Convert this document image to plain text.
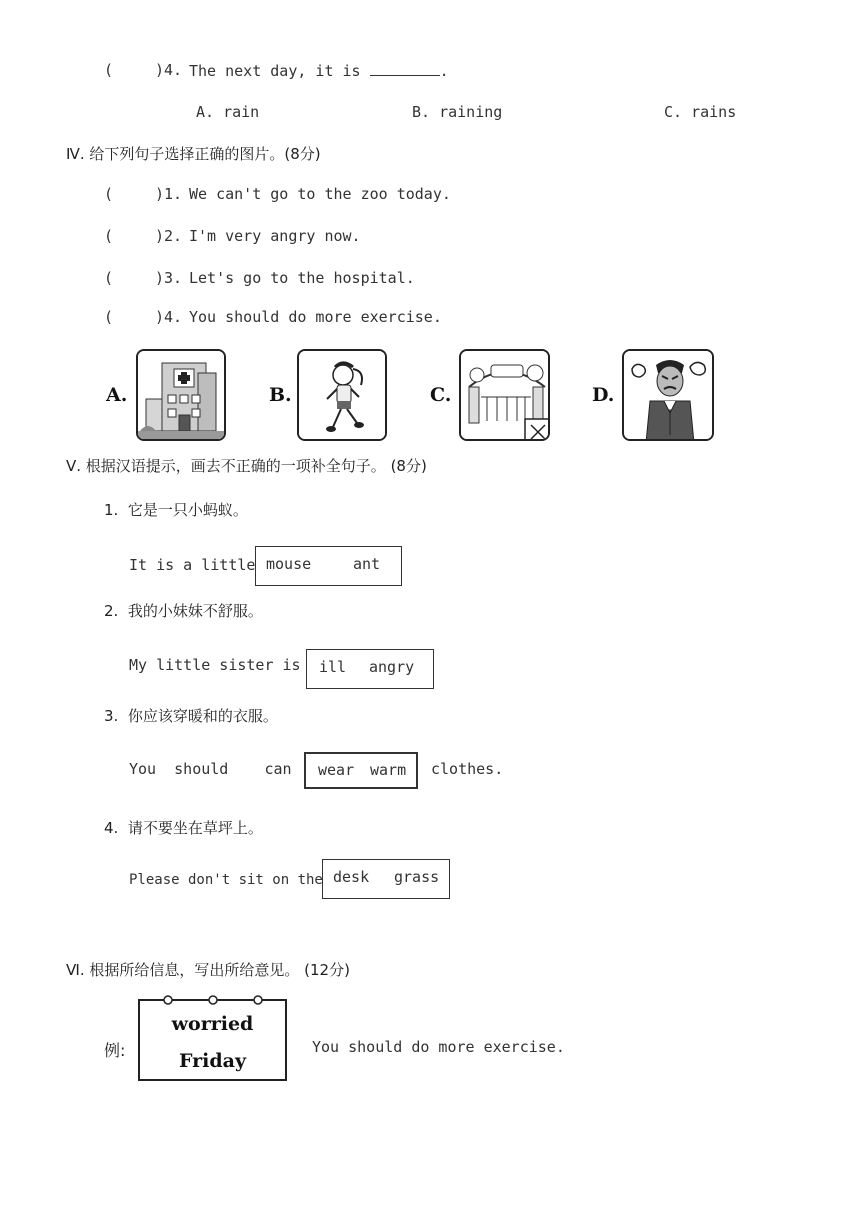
(	)4. The next day, it is	.
A. rain	B. raining	C. rains
Ⅳ. 给下列句子选择正确的图片。(8分)
(	)1. We can't go to the zoo today.
(	)2. I'm very angry now.
(	)3. Let's go to the hospital.
(	)4. You should do more exercise.
A.	B.	C.	D.
Ⅴ. 根据汉语提示，画去不正确的一项补全句子。 (8分)
1.  它是一只小蚂蚁。
It is a little mouse	ant
2.  我的小妹妹不舒服。
My little sister is ill angry
3.  你应该穿暖和的衣服。
You  should    can wear warm clothes.
4.  请不要坐在草坪上。
Please don't sit on the desk grass
Ⅵ. 根据所给信息，写出所给意见。 (12分)
例:
worried
Friday
You should do more exercise.
